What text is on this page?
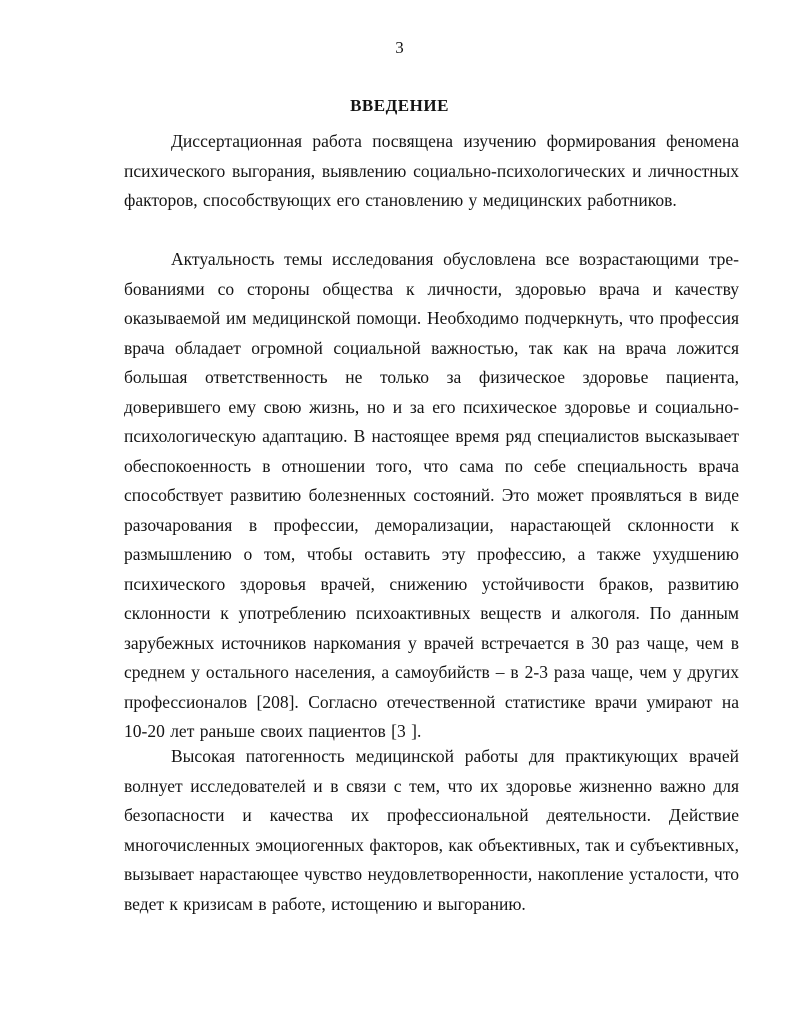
3
ВВЕДЕНИЕ

Диссертационная работа посвящена изучению формирования феномена психического выгорания, выявлению социально-психологических и личностных факторов, способствующих его становлению у медицинских работников.

Актуальность темы исследования обусловлена все возрастающими требованиями со стороны общества к личности, здоровью врача и качеству оказываемой им медицинской помощи. Необходимо подчеркнуть, что профессия врача обладает огромной социальной важностью, так как на врача ложится большая ответственность не только за физическое здоровье пациента, доверившего ему свою жизнь, но и за его психическое здоровье и социальнопсихологическую адаптацию. В настоящее время ряд специалистов высказывает обеспокоенность в отношении того, что сама по себе специальность врача способствует развитию болезненных состояний. Это может проявляться в виде разочарования в профессии, деморализации, нарастающей склонности к размышлению о том, чтобы оставить эту профессию, а также ухудшению психического здоровья врачей, снижению устойчивости браков, развитию склонности к употреблению психоактивных веществ и алкоголя. По данным зарубежных источников наркомания у врачей встречается в 30 раз чаще, чем в среднем у остального населения, а самоубийств – в 2-3 раза чаще, чем у других профессионалов [208]. Согласно отечественной статистике врачи умирают на 10-20 лет раньше своих пациентов [3 ].

Высокая патогенность медицинской работы для практикующих врачей волнует исследователей и в связи с тем, что их здоровье жизненно важно для безопасности и качества их профессиональной деятельности. Действие многочисленных эмоциогенных факторов, как объективных, так и субъективных, вызывает нарастающее чувство неудовлетворенности, накопление усталости, что ведет к кризисам в работе, истощению и выгоранию.
